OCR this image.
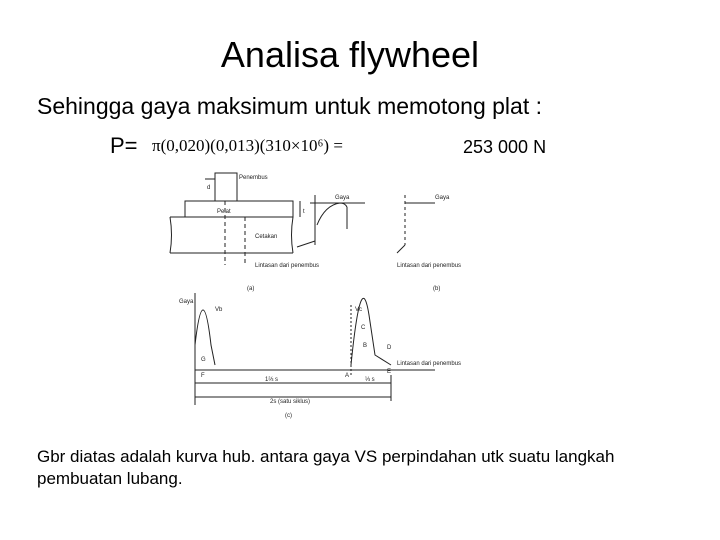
Analisa flywheel
Sehingga gaya maksimum untuk memotong plat :
P= π(0,020)(0,013)(310×10⁶) =	253 000 N
Penembus
d
Pelat
Cetakan
t
Gaya	Gaya
Lintasan dari penembus	Lintasan dari penembus
(a)	(b)
Gaya
Vb	Vc
G
F	A
B
C
D
E
Lintasan dari penembus
1⅔ s	⅓ s
2s (satu siklus)
(c)
Gbr diatas adalah kurva hub. antara gaya VS perpindahan utk suatu langkah pembuatan lubang.
